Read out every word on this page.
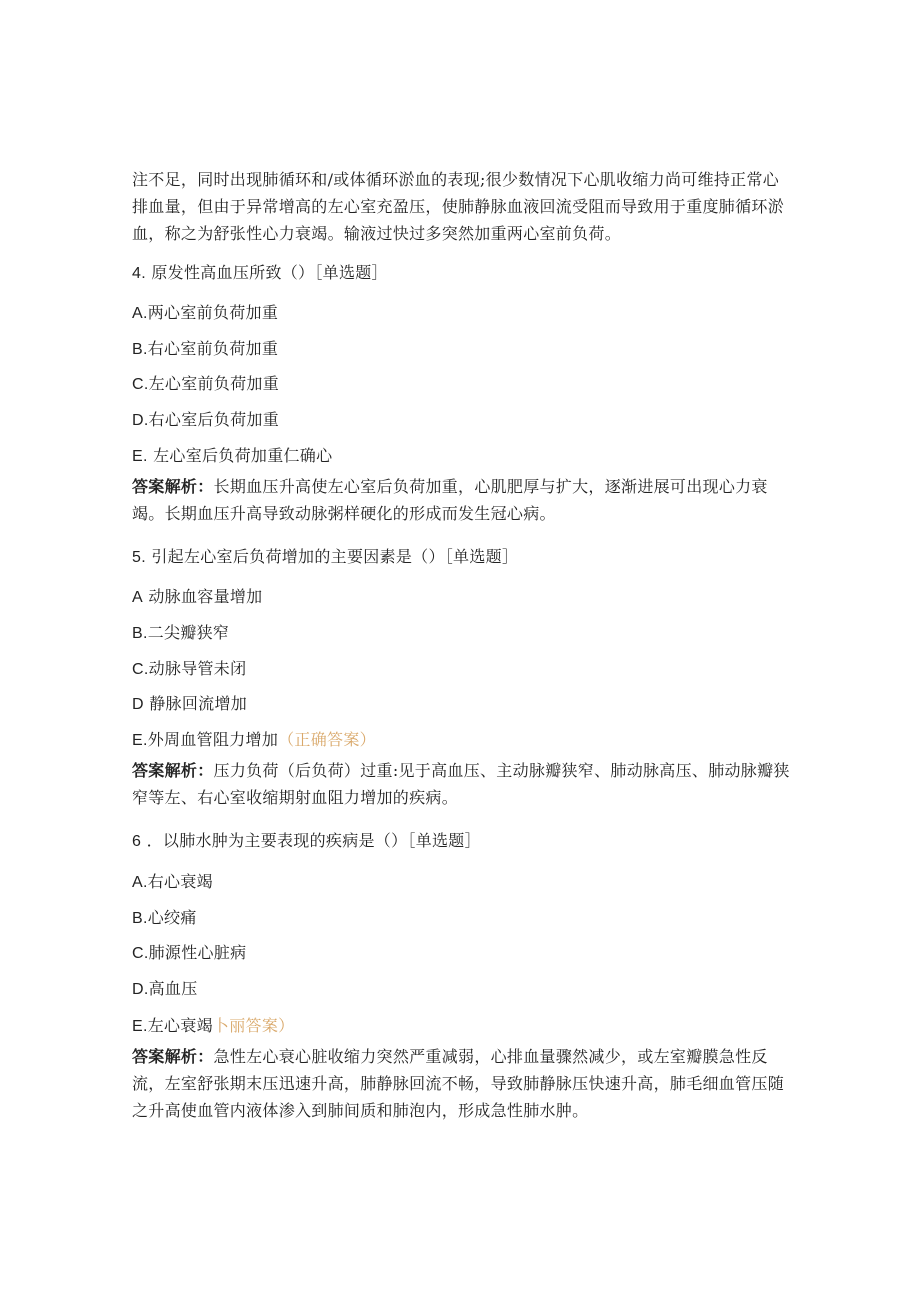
注不足，同时出现肺循环和/或体循环淤血的表现;很少数情况下心肌收缩力尚可维持正常心排血量，但由于异常增高的左心室充盈压，使肺静脉血液回流受阻而导致用于重度肺循环淤血，称之为舒张性心力衰竭。输液过快过多突然加重两心室前负荷。
4. 原发性高血压所致（）［单选题］
A.两心室前负荷加重
B.右心室前负荷加重
C.左心室前负荷加重
D.右心室后负荷加重
E. 左心室后负荷加重仁确心
答案解析：长期血压升高使左心室后负荷加重，心肌肥厚与扩大，逐渐进展可出现心力衰竭。长期血压升高导致动脉粥样硬化的形成而发生冠心病。
5. 引起左心室后负荷增加的主要因素是（）［单选题］
A 动脉血容量增加
B.二尖瓣狭窄
C.动脉导管未闭
D 静脉回流增加
E.外周血管阻力增加（正确答案）
答案解析：压力负荷（后负荷）过重:见于高血压、主动脉瓣狭窄、肺动脉高压、肺动脉瓣狭窄等左、右心室收缩期射血阻力增加的疾病。
6 ．以肺水肿为主要表现的疾病是（）［单选题］
A.右心衰竭
B.心绞痛
C.肺源性心脏病
D.高血压
E.左心衰竭卜丽答案）
答案解析：急性左心衰心脏收缩力突然严重减弱，心排血量骤然减少，或左室瓣膜急性反流，左室舒张期末压迅速升高，肺静脉回流不畅，导致肺静脉压快速升高，肺毛细血管压随之升高使血管内液体渗入到肺间质和肺泡内，形成急性肺水肿。
